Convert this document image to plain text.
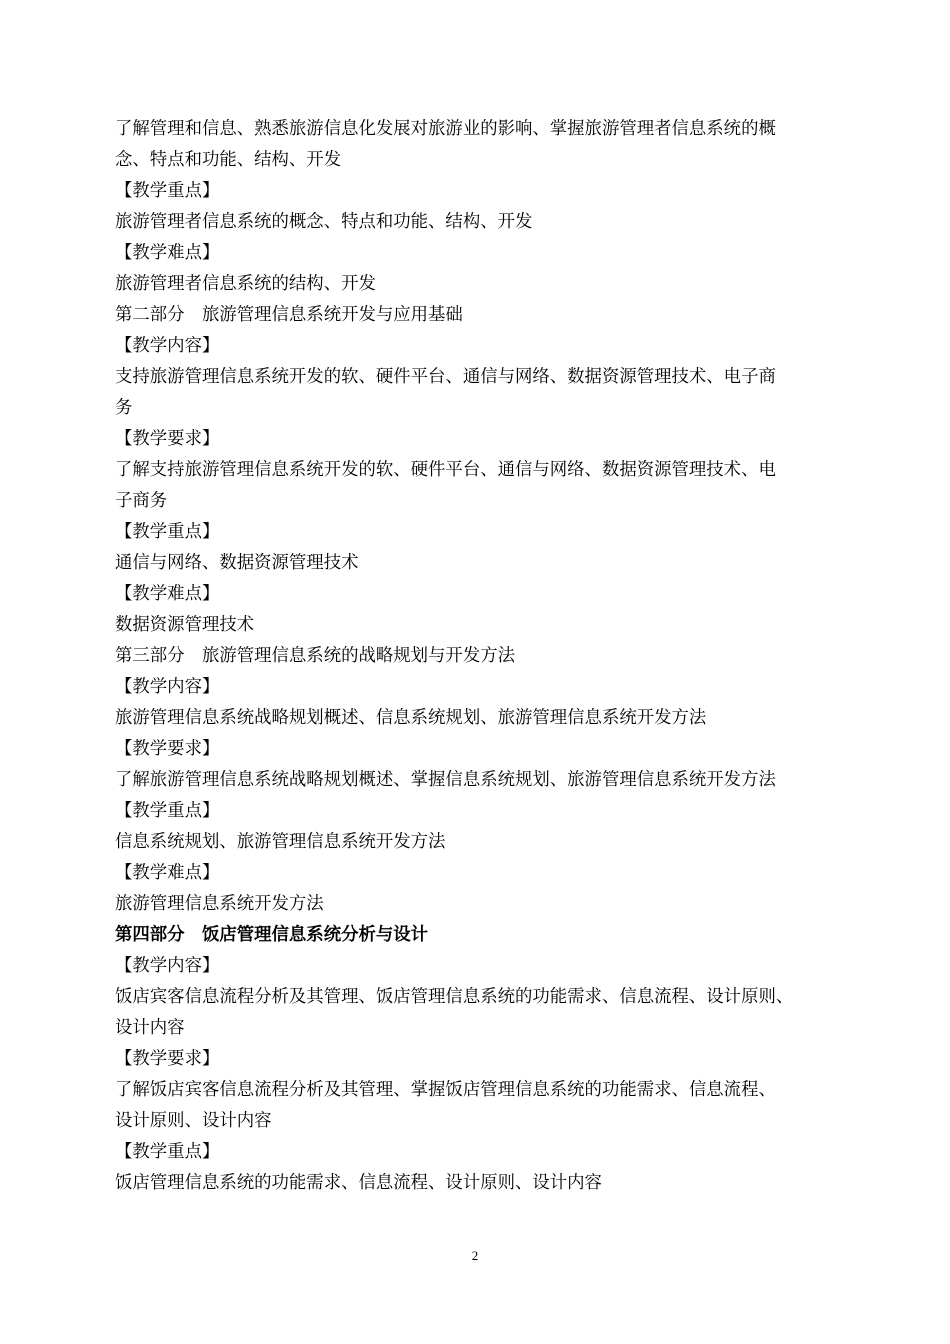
了解管理和信息、熟悉旅游信息化发展对旅游业的影响、掌握旅游管理者信息系统的概
念、特点和功能、结构、开发
【教学重点】
旅游管理者信息系统的概念、特点和功能、结构、开发
【教学难点】
旅游管理者信息系统的结构、开发
第二部分　旅游管理信息系统开发与应用基础
【教学内容】
支持旅游管理信息系统开发的软、硬件平台、通信与网络、数据资源管理技术、电子商
务
【教学要求】
了解支持旅游管理信息系统开发的软、硬件平台、通信与网络、数据资源管理技术、电
子商务
【教学重点】
通信与网络、数据资源管理技术
【教学难点】
数据资源管理技术
第三部分　旅游管理信息系统的战略规划与开发方法
【教学内容】
旅游管理信息系统战略规划概述、信息系统规划、旅游管理信息系统开发方法
【教学要求】
了解旅游管理信息系统战略规划概述、掌握信息系统规划、旅游管理信息系统开发方法
【教学重点】
信息系统规划、旅游管理信息系统开发方法
【教学难点】
旅游管理信息系统开发方法
第四部分　饭店管理信息系统分析与设计
【教学内容】
饭店宾客信息流程分析及其管理、饭店管理信息系统的功能需求、信息流程、设计原则、
设计内容
【教学要求】
了解饭店宾客信息流程分析及其管理、掌握饭店管理信息系统的功能需求、信息流程、
设计原则、设计内容
【教学重点】
饭店管理信息系统的功能需求、信息流程、设计原则、设计内容
2
